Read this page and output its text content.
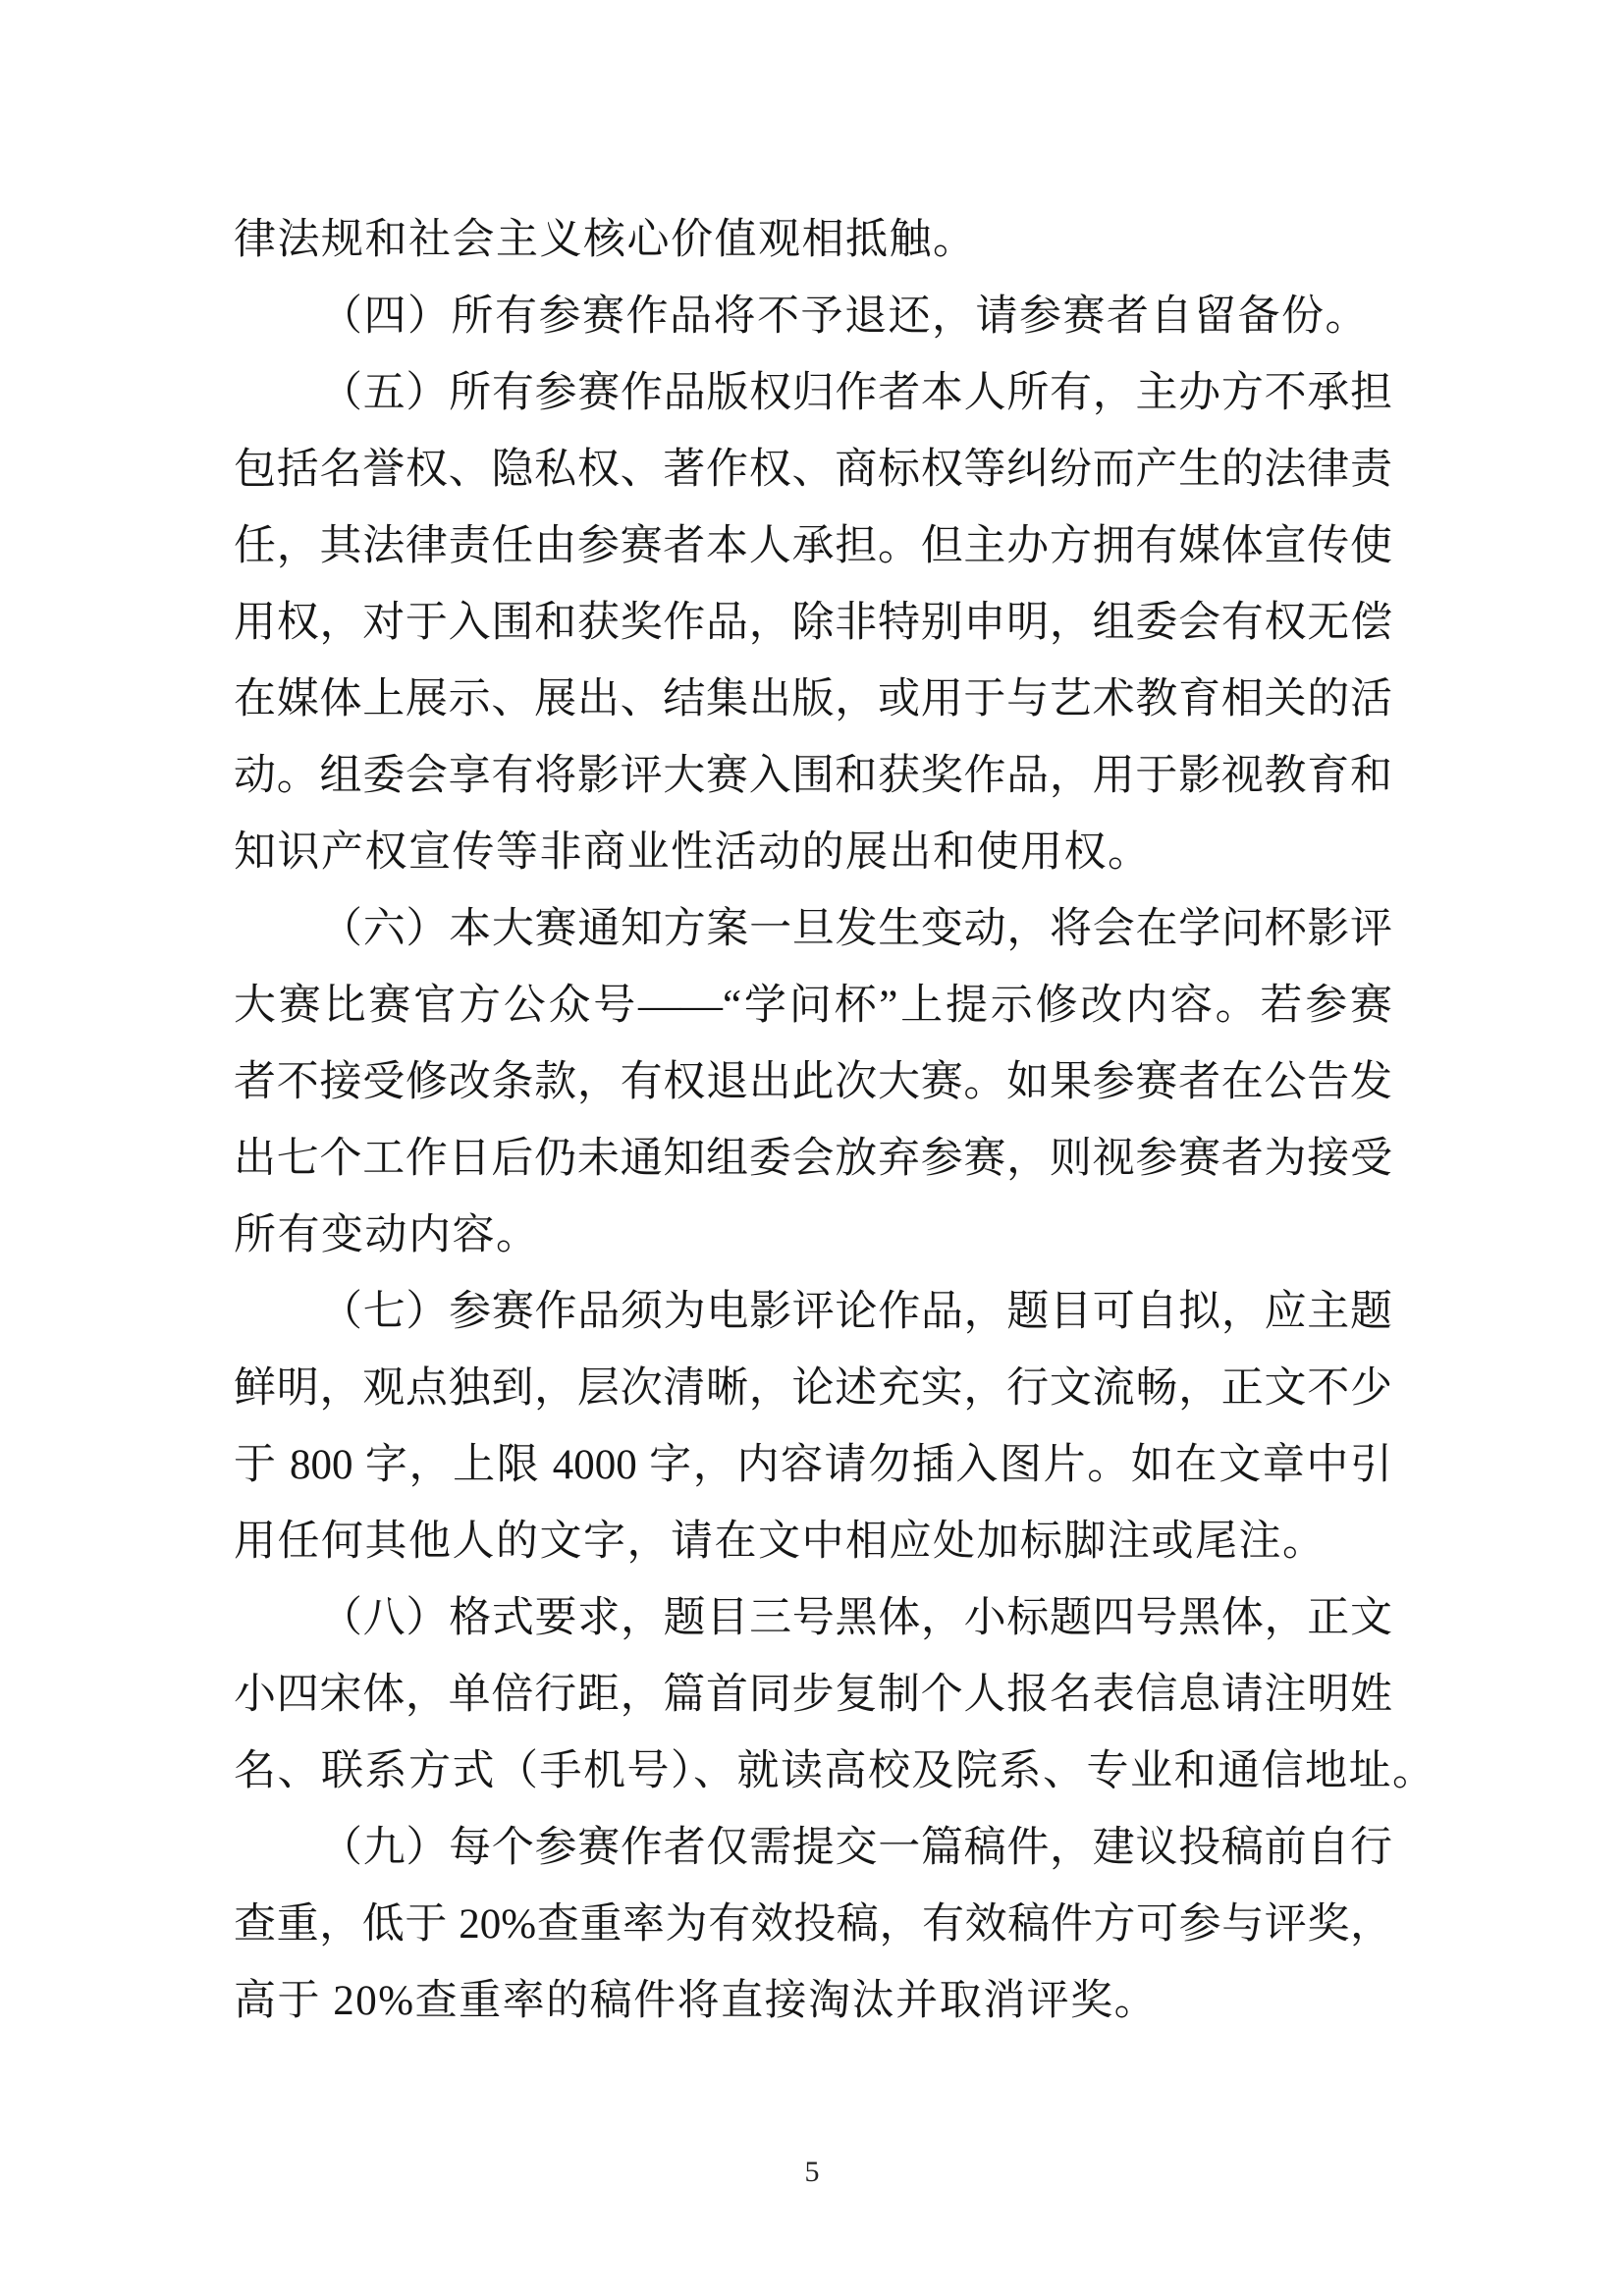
律法规和社会主义核心价值观相抵触。
（四）所有参赛作品将不予退还，请参赛者自留备份。
（五）所有参赛作品版权归作者本人所有，主办方不承担
包括名誉权、隐私权、著作权、商标权等纠纷而产生的法律责
任，其法律责任由参赛者本人承担。但主办方拥有媒体宣传使
用权，对于入围和获奖作品，除非特别申明，组委会有权无偿
在媒体上展示、展出、结集出版，或用于与艺术教育相关的活
动。组委会享有将影评大赛入围和获奖作品，用于影视教育和
知识产权宣传等非商业性活动的展出和使用权。
（六）本大赛通知方案一旦发生变动，将会在学问杯影评
大赛比赛官方公众号——“学问杯”上提示修改内容。若参赛
者不接受修改条款，有权退出此次大赛。如果参赛者在公告发
出七个工作日后仍未通知组委会放弃参赛，则视参赛者为接受
所有变动内容。
（七）参赛作品须为电影评论作品，题目可自拟，应主题
鲜明，观点独到，层次清晰，论述充实，行文流畅，正文不少
于 800 字，上限 4000 字，内容请勿插入图片。如在文章中引
用任何其他人的文字，请在文中相应处加标脚注或尾注。
（八）格式要求，题目三号黑体，小标题四号黑体，正文
小四宋体，单倍行距，篇首同步复制个人报名表信息请注明姓
名、联系方式（手机号）、就读高校及院系、专业和通信地址。
（九）每个参赛作者仅需提交一篇稿件，建议投稿前自行
查重，低于 20%查重率为有效投稿，有效稿件方可参与评奖，
高于 20%查重率的稿件将直接淘汰并取消评奖。
5
